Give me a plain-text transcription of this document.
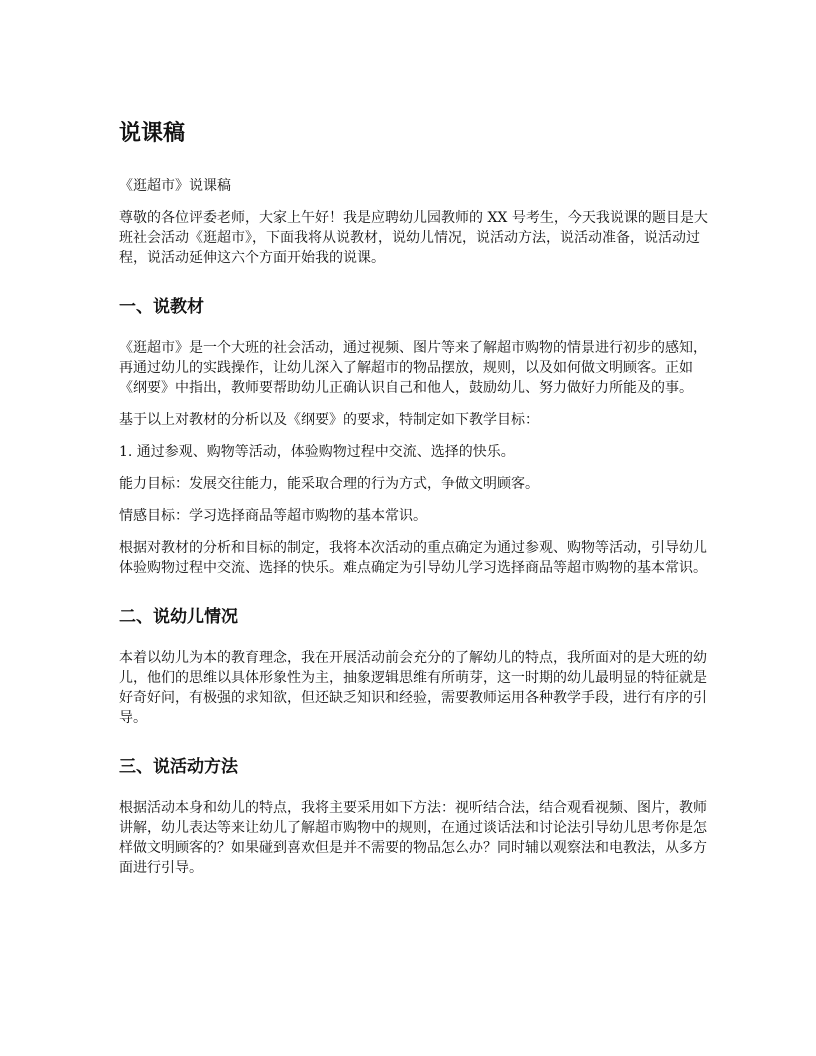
说课稿

《逛超市》说课稿

尊敬的各位评委老师，大家上午好！我是应聘幼儿园教师的 XX 号考生，今天我说课的题目是大班社会活动《逛超市》，下面我将从说教材，说幼儿情况，说活动方法，说活动准备，说活动过程，说活动延伸这六个方面开始我的说课。

一、说教材

《逛超市》是一个大班的社会活动，通过视频、图片等来了解超市购物的情景进行初步的感知，再通过幼儿的实践操作，让幼儿深入了解超市的物品摆放，规则，以及如何做文明顾客。正如《纲要》中指出，教师要帮助幼儿正确认识自己和他人，鼓励幼儿、努力做好力所能及的事。

基于以上对教材的分析以及《纲要》的要求，特制定如下教学目标：

1. 通过参观、购物等活动，体验购物过程中交流、选择的快乐。

能力目标：发展交往能力，能采取合理的行为方式，争做文明顾客。

情感目标：学习选择商品等超市购物的基本常识。

根据对教材的分析和目标的制定，我将本次活动的重点确定为通过参观、购物等活动，引导幼儿体验购物过程中交流、选择的快乐。难点确定为引导幼儿学习选择商品等超市购物的基本常识。

二、说幼儿情况

本着以幼儿为本的教育理念，我在开展活动前会充分的了解幼儿的特点，我所面对的是大班的幼儿，他们的思维以具体形象性为主，抽象逻辑思维有所萌芽，这一时期的幼儿最明显的特征就是好奇好问，有极强的求知欲，但还缺乏知识和经验，需要教师运用各种教学手段，进行有序的引导。

三、说活动方法

根据活动本身和幼儿的特点，我将主要采用如下方法：视听结合法，结合观看视频、图片，教师讲解，幼儿表达等来让幼儿了解超市购物中的规则，在通过谈话法和讨论法引导幼儿思考你是怎样做文明顾客的？如果碰到喜欢但是并不需要的物品怎么办？同时辅以观察法和电教法，从多方面进行引导。
